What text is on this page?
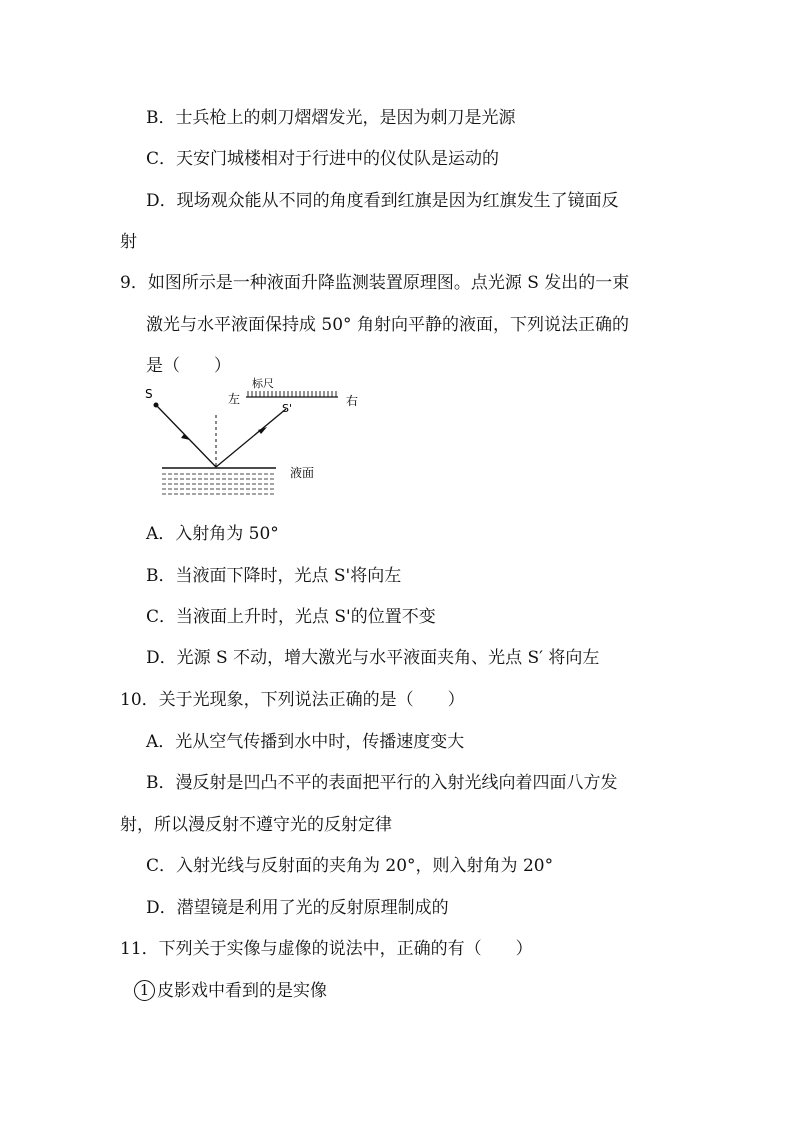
B．士兵枪上的刺刀熠熠发光，是因为刺刀是光源
C．天安门城楼相对于行进中的仪仗队是运动的
D．现场观众能从不同的角度看到红旗是因为红旗发生了镜面反
射
9．如图所示是一种液面升降监测装置原理图。点光源 S 发出的一束
激光与水平液面保持成 50° 角射向平静的液面，下列说法正确的
是（　　）
S	左
标尺
S'
右
液面
A．入射角为 50°
B．当液面下降时，光点 S'将向左
C．当液面上升时，光点 S'的位置不变
D．光源 S 不动，增大激光与水平液面夹角、光点 S′ 将向左
10．关于光现象，下列说法正确的是（　　）
A．光从空气传播到水中时，传播速度变大
B．漫反射是凹凸不平的表面把平行的入射光线向着四面八方发
射，所以漫反射不遵守光的反射定律
C．入射光线与反射面的夹角为 20°，则入射角为 20°
D．潜望镜是利用了光的反射原理制成的
11．下列关于实像与虚像的说法中，正确的有（　　）
1 皮影戏中看到的是实像
